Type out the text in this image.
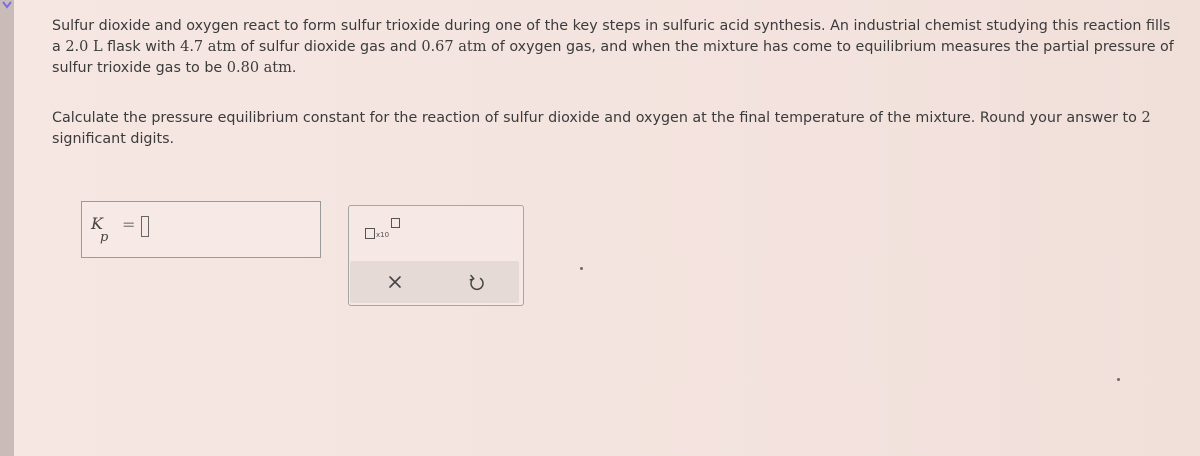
Sulfur dioxide and oxygen react to form sulfur trioxide during one of the key steps in sulfuric acid synthesis. An industrial chemist studying this reaction fills a 2.0 L flask with 4.7 atm of sulfur dioxide gas and 0.67 atm of oxygen gas, and when the mixture has come to equilibrium measures the partial pressure of sulfur trioxide gas to be 0.80 atm.

Calculate the pressure equilibrium constant for the reaction of sulfur dioxide and oxygen at the final temperature of the mixture. Round your answer to 2 significant digits.

K
p
=
x10
